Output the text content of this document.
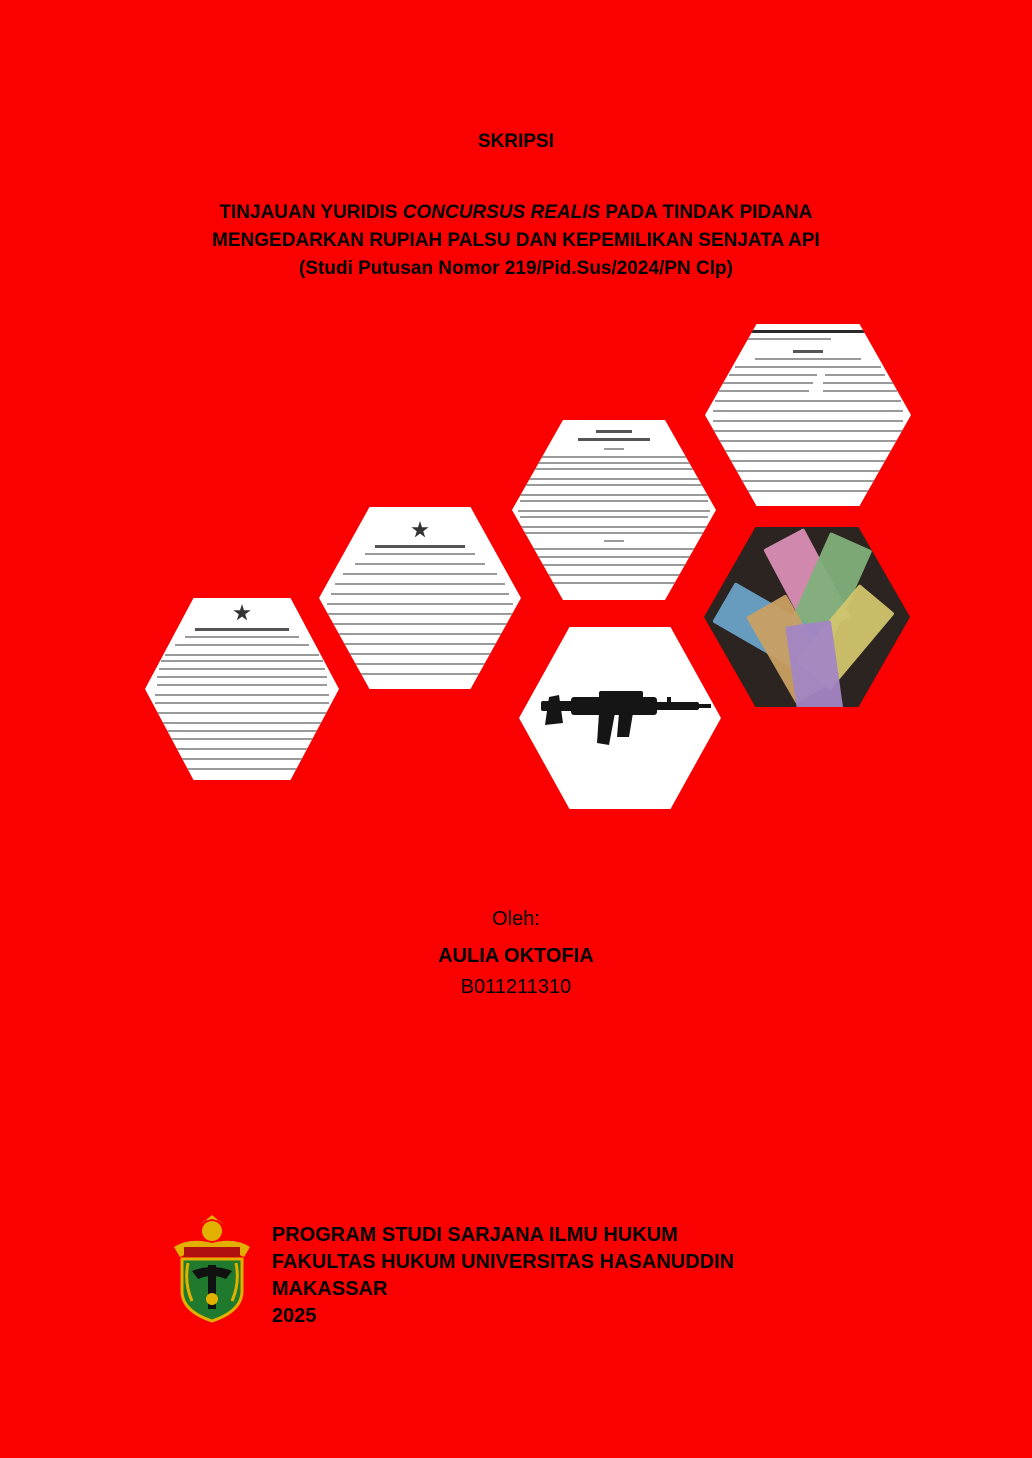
SKRIPSI
TINJAUAN YURIDIS CONCURSUS REALIS PADA TINDAK PIDANA
MENGEDARKAN RUPIAH PALSU DAN KEPEMILIKAN SENJATA API
(Studi Putusan Nomor 219/Pid.Sus/2024/PN Clp)
Oleh:
AULIA OKTOFIA
B011211310
PROGRAM STUDI SARJANA ILMU HUKUM
FAKULTAS HUKUM UNIVERSITAS HASANUDDIN
MAKASSAR
2025
